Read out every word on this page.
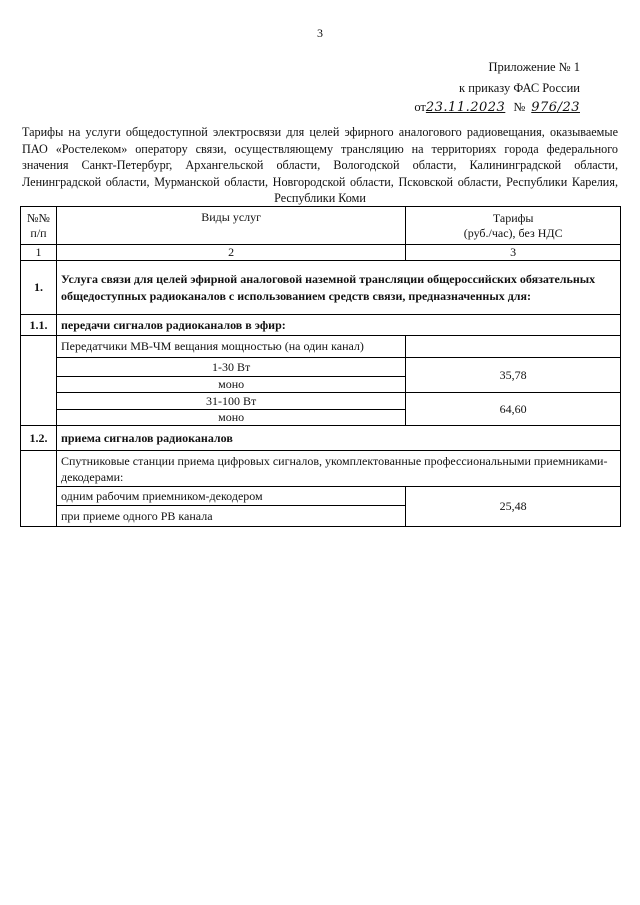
3
Приложение № 1
к приказу ФАС России
от23.11.2023 № 976/23
Тарифы на услуги общедоступной электросвязи для целей эфирного аналогового радиовещания, оказываемые ПАО «Ростелеком» оператору связи, осуществляющему трансляцию на территориях города федерального значения Санкт-Петербург, Архангельской области, Вологодской области, Калининградской области, Ленинградской области, Мурманской области, Новгородской области, Псковской области, Республики Карелия, Республики Коми
№№ п/п	Виды услуг	Тарифы
(руб./час), без НДС

1	2	3
1.	Услуга связи для целей эфирной аналоговой наземной трансляции общероссийских обязательных общедоступных радиоканалов с использованием средств связи, предназначенных для:	
1.1.	передачи сигналов радиоканалов в эфир:	
	Передатчики МВ-ЧМ вещания мощностью (на один канал)	
	1-30 Вт	35,78
	моно	
	31-100 Вт	64,60
	моно	
1.2.	приема сигналов радиоканалов	
	Спутниковые станции приема цифровых сигналов, укомплектованные профессиональными приемниками-декодерами:	
	одним рабочим приемником-декодером	25,48
	при приеме одного РВ канала	
